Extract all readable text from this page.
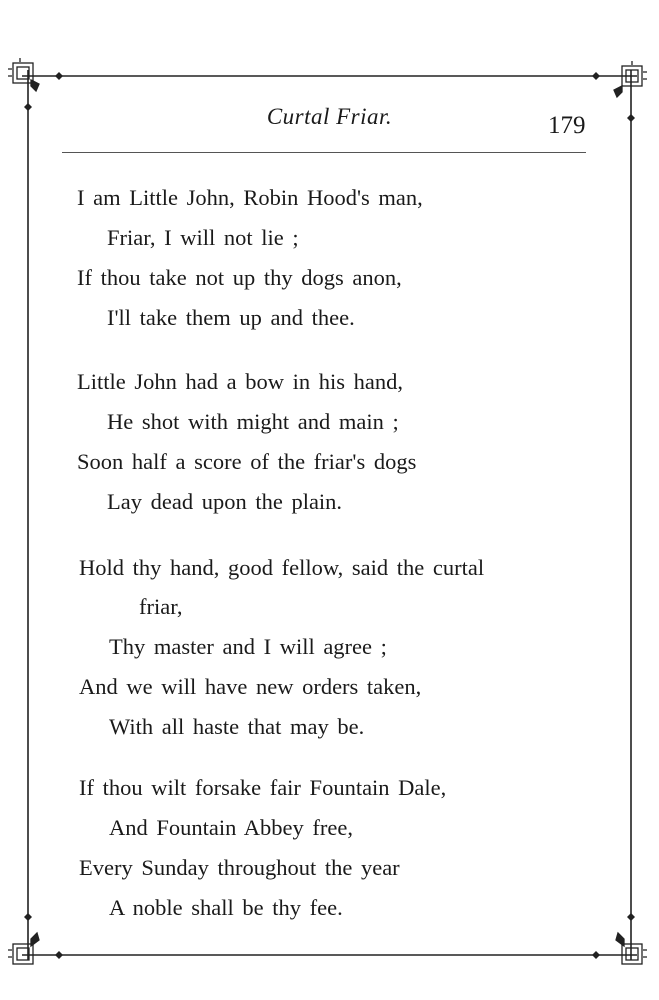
Curtal Friar.	179
I am Little John, Robin Hood's man,
Friar, I will not lie ;
If thou take not up thy dogs anon,
I'll take them up and thee.
Little John had a bow in his hand,
He shot with might and main ;
Soon half a score of the friar's dogs
Lay dead upon the plain.
Hold thy hand, good fellow, said the curtal
friar,
Thy master and I will agree ;
And we will have new orders taken,
With all haste that may be.
If thou wilt forsake fair Fountain Dale,
And Fountain Abbey free,
Every Sunday throughout the year
A noble shall be thy fee.
